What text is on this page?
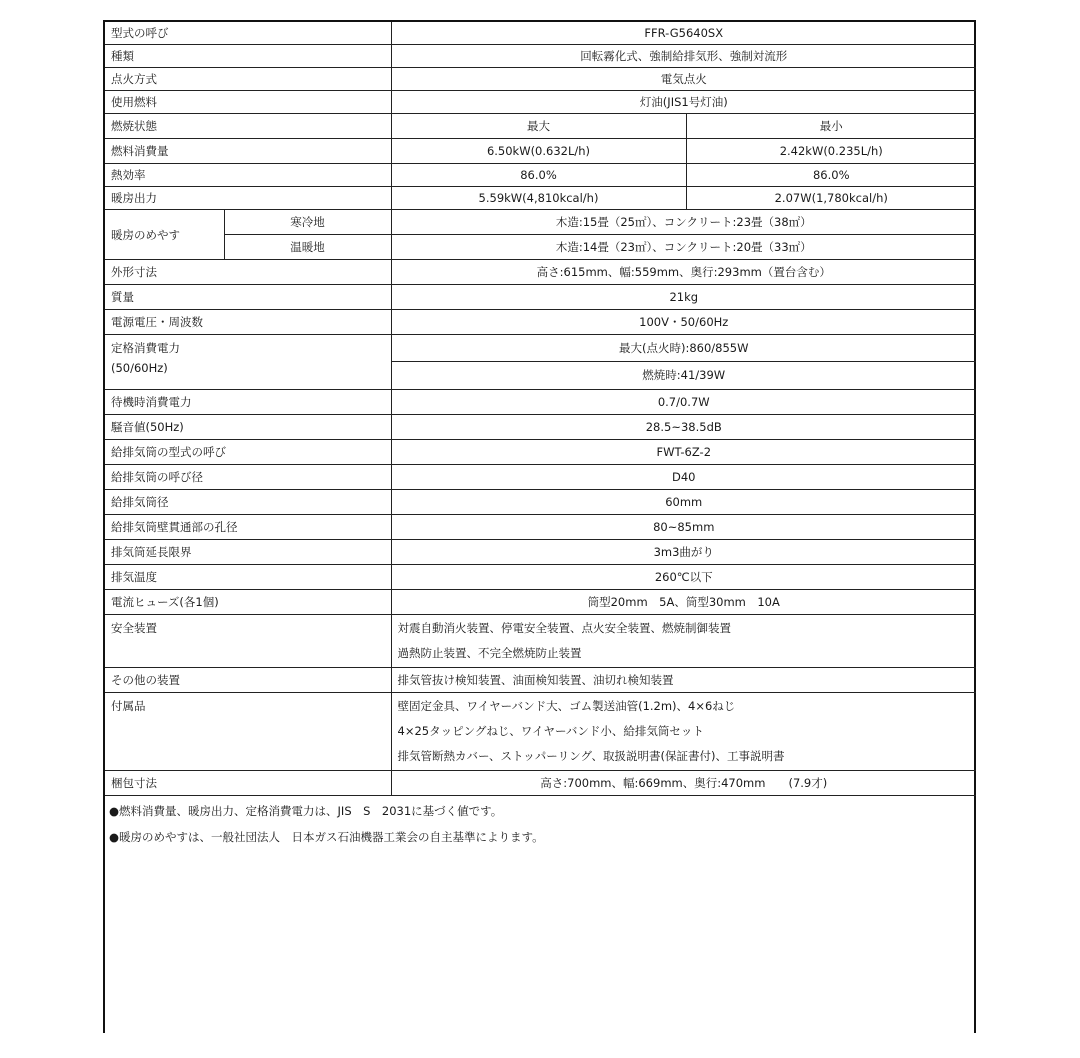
型式の呼び		FFR-G5640SX	
種類		回転霧化式、強制給排気形、強制対流形	
点火方式		電気点火	
使用燃料		灯油(JIS1号灯油)	
燃焼状態		最大	最小
燃料消費量		6.50kW(0.632L/h)	2.42kW(0.235L/h)
熱効率		86.0%	86.0%
暖房出力		5.59kW(4,810kcal/h)	2.07W(1,780kcal/h)
暖房のめやす	寒冷地	木造:15畳（25㎡）、コンクリート:23畳（38㎡）	
	温暖地	木造:14畳（23㎡）、コンクリート:20畳（33㎡）	
外形寸法		高さ:615mm、幅:559mm、奥行:293mm（置台含む）	
質量		21kg	
電源電圧・周波数		100V・50/60Hz	

定格消費電力
(50/60Hz)		最大(点火時):860/855W	
		燃焼時:41/39W	
待機時消費電力		0.7/0.7W	
騒音値(50Hz)		28.5~38.5dB	
給排気筒の型式の呼び		FWT-6Z-2	
給排気筒の呼び径		D40	
給排気筒径		60mm	
給排気筒壁貫通部の孔径		80~85mm	
排気筒延長限界		3m3曲がり	
排気温度		260℃以下	
電流ヒューズ(各1個)		筒型20mm　5A、筒型30mm　10A	
安全装置		対震自動消火装置、停電安全装置、点火安全装置、燃焼制御装置
過熱防止装置、不完全燃焼防止装置	

その他の装置		排気管抜け検知装置、油面検知装置、油切れ検知装置	
付属品		壁固定金具、ワイヤーバンド大、ゴム製送油管(1.2m)、4×6ねじ
4×25タッピングねじ、ワイヤーバンド小、給排気筒セット
排気管断熱カバー、ストッパーリング、取扱説明書(保証書付)、工事説明書	

梱包寸法		高さ:700mm、幅:669mm、奥行:470mm　　(7.9才)	
●燃料消費量、暖房出力、定格消費電力は、JIS　S　2031に基づく値です。
●暖房のめやすは、一般社団法人　日本ガス石油機器工業会の自主基準によります。
